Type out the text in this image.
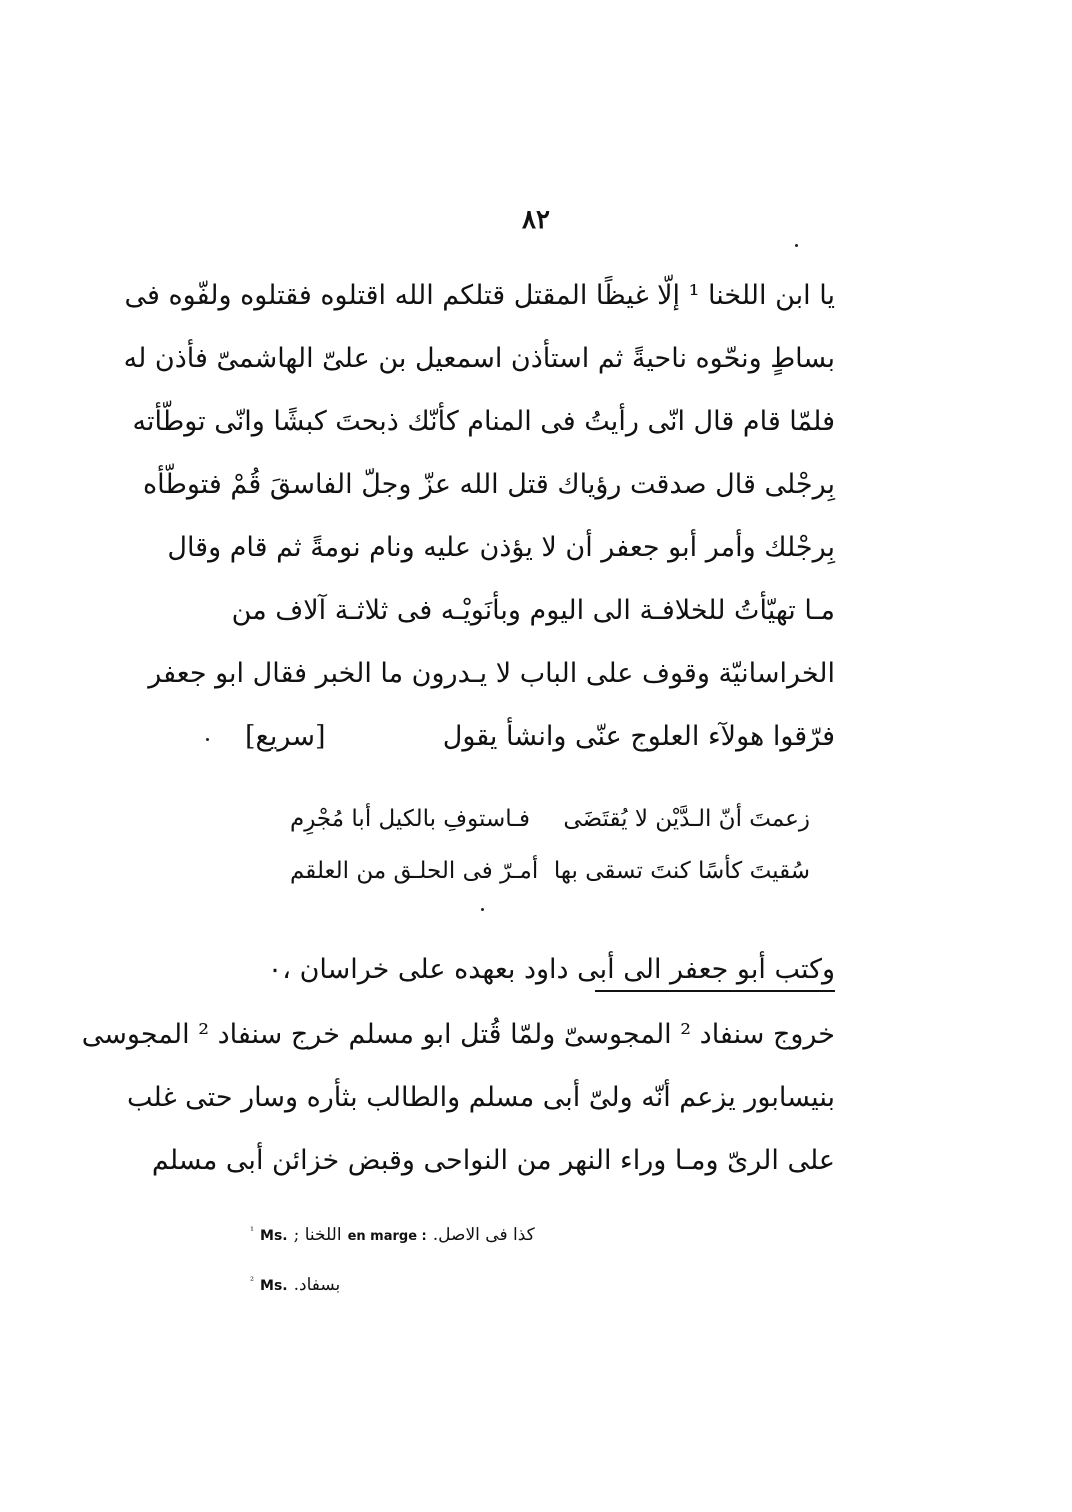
٨٢
يا ابن اللخنا ¹ إلّا غيظًا المقتل قتلكم الله اقتلوه فقتلوه ولفّوه فى
بساطٍ ونحّوه ناحيةً ثم استأذن اسمعيل بن علىّ الهاشمىّ فأذن له
فلمّا قام قال انّى رأيتُ فى المنام كأنّك ذبحتَ كبشًا وانّى توطّأته
بِرجْلى قال صدقت رؤياك قتل الله عزّ وجلّ الفاسقَ قُمْ فتوطّأه
بِرجْلك وأمر أبو جعفر أن لا يؤذن عليه ونام نومةً ثم قام وقال
مـا تهيّأتُ للخلافـة الى اليوم وبأنَويْـه فى ثلاثـة آلاف من
الخراسانيّة وقوف على الباب لا يـدرون ما الخبر فقال ابو جعفر
فرّقوا هولآء العلوج عنّى وانشأ يقول
[سريع]
زعمتَ أنّ الـدَّيْن لا يُقتَضَى
فـاستوفِ بالكيل أبا مُجْرِم
سُقيتَ كأسًا كنتَ تسقى بها
أمـرّ فى الحلـق من العلقم
وكتب أبو جعفر الى أبى داود بعهده على خراسان ،٠
خروج سنفاد ² المجوسىّ ولمّا قُتل ابو مسلم خرج سنفاد ² المجوسى
بنيسابور يزعم أنّه ولىّ أبى مسلم والطالب بثأره وسار حتى غلب
على الرىّ ومـا وراء النهر من النواحى وقبض خزائن أبى مسلم
$^{^1}$ Ms. اللخنا ; en marge : كذا فى الاصل.
$^{^2}$ Ms. بسفاد.
